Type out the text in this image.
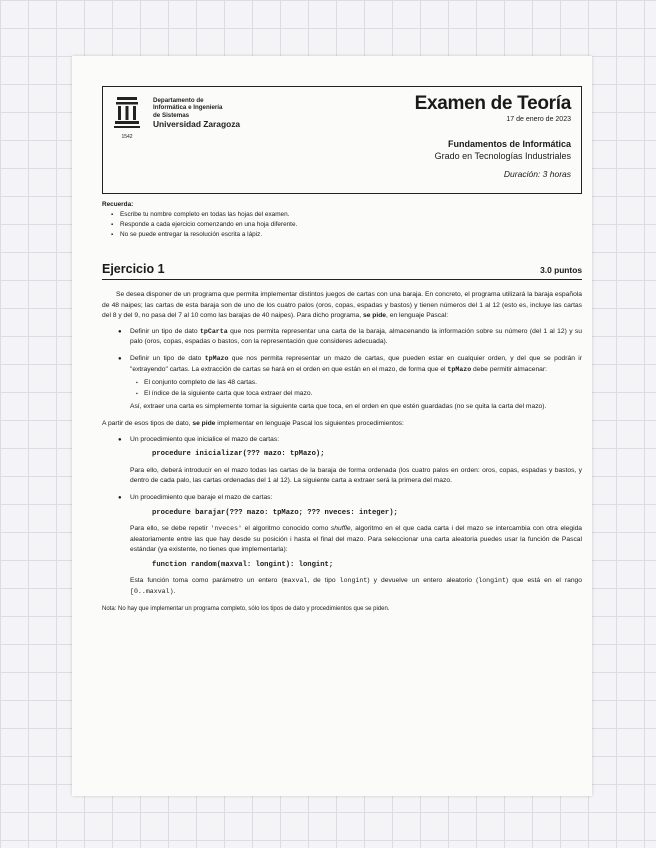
1542
Departamento de
Informática e Ingeniería
de Sistemas
Universidad Zaragoza
Examen de Teoría
17 de enero de 2023
Fundamentos de Informática
Grado en Tecnologías Industriales
Duración: 3 horas
Recuerda:
▪ Escribe tu nombre completo en todas las hojas del examen.
▪ Responde a cada ejercicio comenzando en una hoja diferente.
▪ No se puede entregar la resolución escrita a lápiz.
Ejercicio 1	3.0 puntos

Se desea disponer de un programa que permita implementar distintos juegos de cartas con una baraja. En concreto, el programa utilizará la baraja española de 48 naipes; las cartas de esta baraja son de uno de los cuatro palos (oros, copas, espadas y bastos) y tienen números del 1 al 12 (esto es, incluye las cartas del 8 y del 9, no pasa del 7 al 10 como las barajas de 40 naipes). Para dicho programa, se pide, en lenguaje Pascal:

● Definir un tipo de dato tpCarta que nos permita representar una carta de la baraja, almacenando la información sobre su número (del 1 al 12) y su palo (oros, copas, espadas o bastos, con la representación que consideres adecuada).
● Definir un tipo de dato tpMazo que nos permita representar un mazo de cartas, que pueden estar en cualquier orden, y del que se podrán ir "extrayendo" cartas. La extracción de cartas se hará en el orden en que están en el mazo, de forma que el tpMazo debe permitir almacenar:
▪ El conjunto completo de las 48 cartas.
▪ El índice de la siguiente carta que toca extraer del mazo.
Así, extraer una carta es simplemente tomar la siguiente carta que toca, en el orden en que estén guardadas (no se quita la carta del mazo).

A partir de esos tipos de dato, se pide implementar en lenguaje Pascal los siguientes procedimientos:

● Un procedimiento que inicialice el mazo de cartas:
procedure inicializar(??? mazo: tpMazo);
Para ello, deberá introducir en el mazo todas las cartas de la baraja de forma ordenada (los cuatro palos en orden: oros, copas, espadas y bastos, y dentro de cada palo, las cartas ordenadas del 1 al 12). La siguiente carta a extraer será la primera del mazo.
● Un procedimiento que baraje el mazo de cartas:
procedure barajar(??? mazo: tpMazo; ??? nveces: integer);
Para ello, se debe repetir 'nveces' el algoritmo conocido como shuffle, algoritmo en el que cada carta i del mazo se intercambia con otra elegida aleatoriamente entre las que hay desde su posición i hasta el final del mazo. Para seleccionar una carta aleatoria puedes usar la función de Pascal estándar (ya existente, no tienes que implementarla):
function random(maxval: longint): longint;
Esta función toma como parámetro un entero (maxval, de tipo longint) y devuelve un entero aleatorio (longint) que está en el rango [0..maxval).
Nota: No hay que implementar un programa completo, sólo los tipos de dato y procedimientos que se piden.
